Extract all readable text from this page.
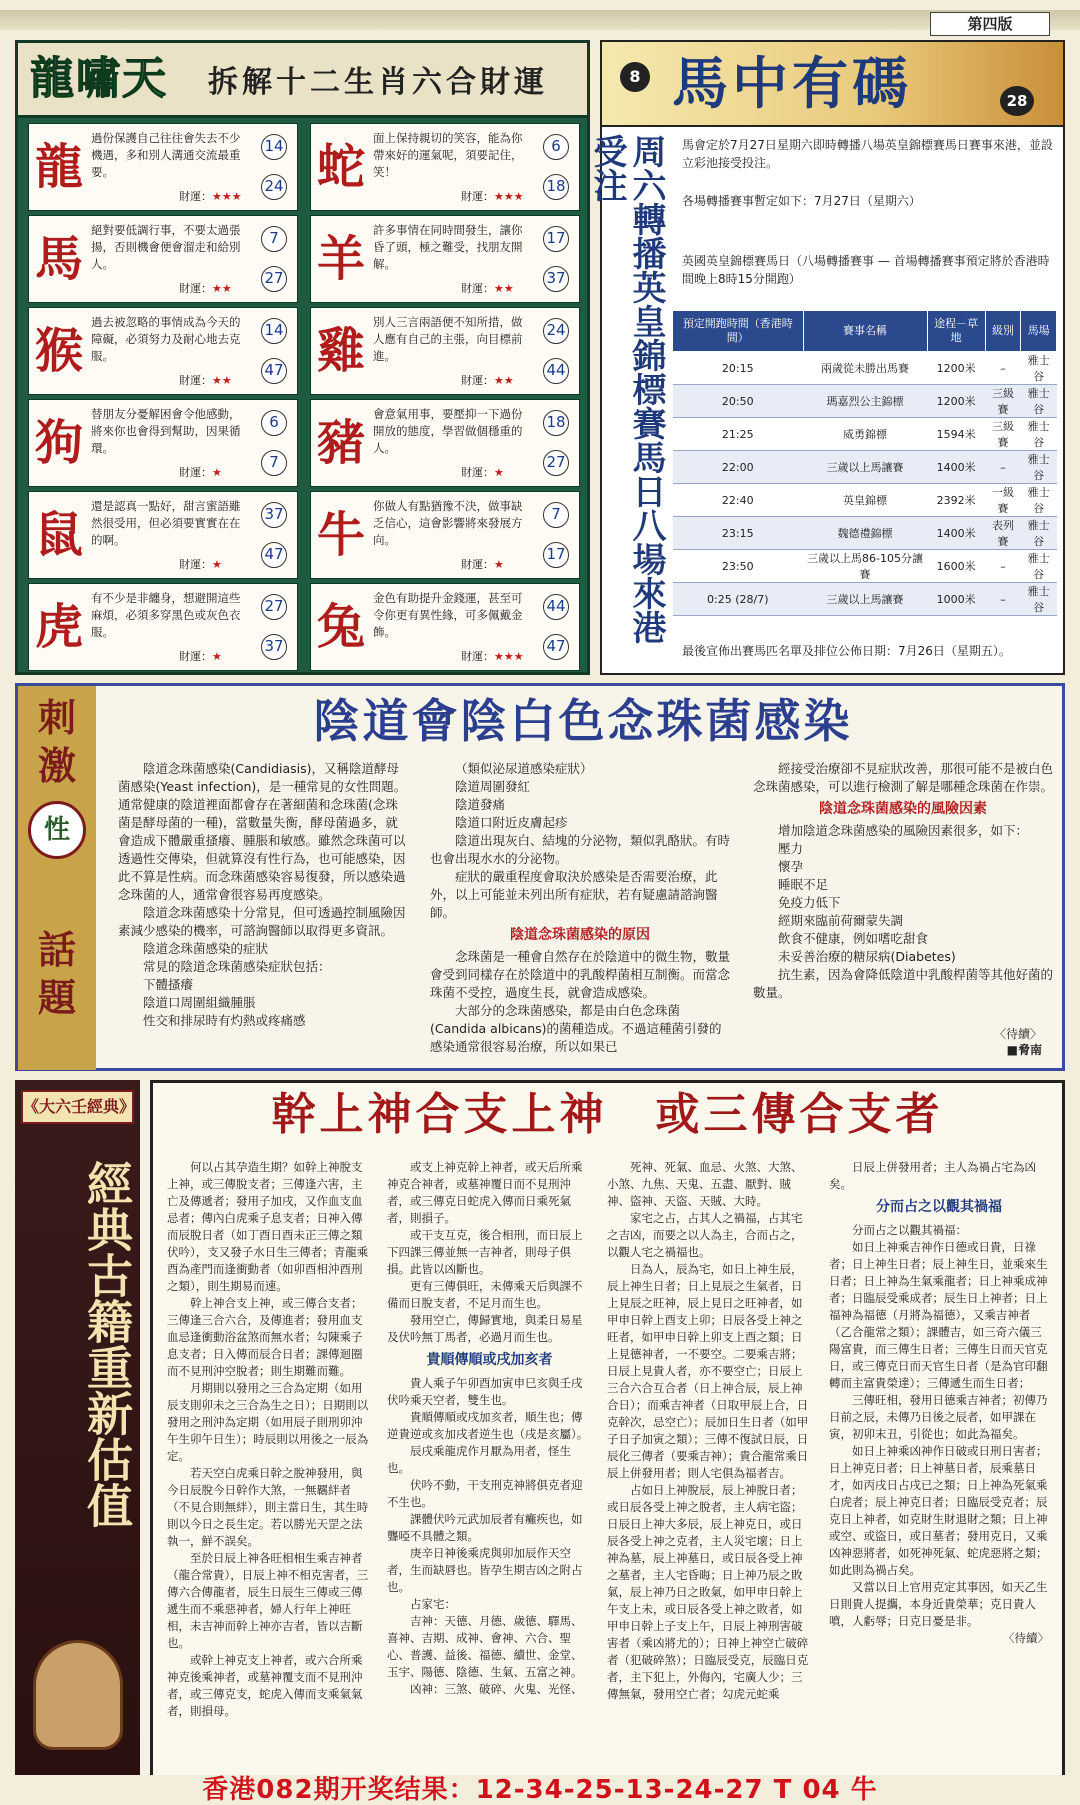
第四版
龍嘯天 拆解十二生肖六合財運
龍
過份保護自己往往會失去不少機遇，多和別人溝通交流最重要。
財運：★★★
14
24 蛇
面上保持親切的笑容，能為你帶來好的運氣呢，須要記住，笑！
財運：★★★
6
18
馬
絕對要低調行事，不要太過張揚，否則機會便會溜走和給別人。
財運：★★
7
27 羊
許多事情在同時間發生，讓你昏了頭，極之難受，找朋友開解。
財運：★★
17
37
猴
過去被忽略的事情成為今天的障礙，必須努力及耐心地去克服。
財運：★★
14
47 雞
別人三言兩語便不知所措，做人應有自己的主張，向目標前進。
財運：★★
24
44
狗
替朋友分憂解困會令他感動，將來你也會得到幫助，因果循環。
財運：★
6
7 豬
會意氣用事，要壓抑一下過份開放的態度，學習做個穩重的人。
財運：★
18
27
鼠
還是認真一點好，甜言蜜語雖然很受用，但必須要實實在在的啊。
財運：★
37
47 牛
你做人有點猶豫不決，做事缺乏信心，這會影響將來發展方向。
財運：★
7
17
虎
有不少是非纏身，想避開這些麻煩，必須多穿黑色或灰色衣服。
財運：★
27
37 兔
金色有助提升金錢運，甚至可令你更有異性緣，可多佩戴金飾。
財運：★★★
44
47
8 馬中有碼	28
周六轉播英皇錦標賽馬日八場來港受注	馬會定於7月27日星期六即時轉播八場英皇錦標賽馬日賽事來港，並設立彩池接受投注。
各場轉播賽事暫定如下：7月27日（星期六）
英國英皇錦標賽馬日（八場轉播賽事 — 首場轉播賽事預定將於香港時間晚上8時15分開跑）
預定開跑時間（香港時間）	賽事名稱	途程－草地	級別	馬場
20:15	兩歲從未勝出馬賽	1200米	–	雅士谷
20:50	瑪嘉烈公主錦標	1200米	三級賽	雅士谷
21:25	威勇錦標	1594米	三級賽	雅士谷
22:00	三歲以上馬讓賽	1400米	–	雅士谷
22:40	英皇錦標	2392米	一級賽	雅士谷
23:15	魏德禮錦標	1400米	表列賽	雅士谷
23:50	三歲以上馬86-105分讓賽	1600米	–	雅士谷
0:25 (28/7)	三歲以上馬讓賽	1000米	–	雅士谷
最後宣佈出賽馬匹名單及排位公佈日期：7月26日（星期五）。
刺激
性
話題
陰道會陰白色念珠菌感染

陰道念珠菌感染(Candidiasis)，又稱陰道酵母菌感染(Yeast infection)，是一種常見的女性問題。通常健康的陰道裡面都會存在著細菌和念珠菌(念珠菌是酵母菌的一種)，當數量失衡，酵母菌過多，就會造成下體嚴重搔癢、腫脹和敏感。雖然念珠菌可以透過性交傳染，但就算沒有性行為，也可能感染，因此不算是性病。而念珠菌感染容易復發，所以感染過念珠菌的人，通常會很容易再度感染。

陰道念珠菌感染十分常見，但可透過控制風險因素減少感染的機率，可諮詢醫師以取得更多資訊。

陰道念珠菌感染的症狀

常見的陰道念珠菌感染症狀包括：

下體搔癢

陰道口周圍組織腫脹

性交和排尿時有灼熱或疼痛感

（類似泌尿道感染症狀）

陰道周圍發紅

陰道發痛

陰道口附近皮膚起疹

陰道出現灰白、結塊的分泌物，類似乳酪狀。有時也會出現水水的分泌物。

症狀的嚴重程度會取決於感染是否需要治療，此外，以上可能並未列出所有症狀，若有疑慮請諮詢醫師。

陰道念珠菌感染的原因

念珠菌是一種會自然存在於陰道中的微生物，數量會受到同樣存在於陰道中的乳酸桿菌相互制衡。而當念珠菌不受控，過度生長，就會造成感染。

大部分的念珠菌感染，都是由白色念珠菌(Candida albicans)的菌種造成。不過這種菌引發的感染通常很容易治療，所以如果已

經接受治療卻不見症狀改善，那很可能不是被白色念珠菌感染，可以進行檢測了解是哪種念珠菌在作崇。

陰道念珠菌感染的風險因素

增加陰道念珠菌感染的風險因素很多，如下：

壓力

懷孕

睡眠不足

免疫力低下

經期來臨前荷爾蒙失調

飲食不健康，例如嗜吃甜食

未妥善治療的糖尿病(Diabetes)

抗生素，因為會降低陰道中乳酸桿菌等其他好菌的數量。

〈待續〉
■脅南
《大六壬經典》
經典古籍重新估值
幹上神合支上神　或三傳合支者

何以占其孕造生期？如幹上神脫支上神，或三傳脫支者；三傳逢六害，主亡及傳遞者；發用子加戌，又作血支血忌者；傳內白虎乘子息支者；日神入傳而辰脫日者（如丁酉日酉未正三傳之類伏吟），支又發子水日生三傳者；青龍乘酉為產門而逢衝動者（如卯酉相沖酉刑之類），則生期易而速。

幹上神合支上神，或三傳合支者；三傳逢三合六合，及傳進者；發用血支血忌逢衝動浴盆煞而無水者；勾陳乘子息支者；日入傳而辰合日者；課傳迴圈而不見刑沖空脫者；則生期難而難。

月期則以發用之三合為定期（如用辰支則卯未之三合為生之日）；日期則以發用之刑沖為定期（如用辰子則刑卯沖午生卯午日生）；時辰則以用後之一辰為定。

若天空白虎乘日幹之脫神發用，與今日辰脫今日幹作大煞，一無羈絆者（不見合則無絆），則主當日生，其生時則以今日之長生定。若以勝光天罡之法執一，鮮不誤矣。

至於日辰上神各旺相相生乘吉神者（龍合常貴），日辰上神不相克害者，三傳六合傳龍者，辰生日辰生三傳或三傳遞生而不乘惡神者，婦人行年上神旺相，未吉神而幹上神亦吉者，皆以吉斷也。

或幹上神克支上神者，或六合所乘神克後乘神者，或墓神覆支而不見刑沖者，或三傳克支，蛇虎入傳而支乘氣氣者，則損母。

或支上神克幹上神者，或天后所乘神克合神者，或墓神覆日而不見刑沖者，或三傳克日蛇虎入傳而日乘死氣者，則損子。

或干支互克，後合相刑，而日辰上下四課三傳並無一吉神者，則母子俱損。此皆以凶斷也。

更有三傳俱旺，未傳乘天后與課不備而日脫支者，不足月而生也。

發用空亡，傳歸實地，與柔日易星及伏吟無丁馬者，必過月而生也。

貴順傳順或戌加亥者

貴人乘子午卯酉加寅申巳亥與壬戌伏吟乘天空者，雙生也。

貴順傳順或戌加亥者，順生也；傳逆貴逆或亥加戌者逆生也（戌是亥屬）。

辰戌乘龍虎作月厭為用者，怪生也。

伏吟不動，干支刑克神將俱克者迎不生也。

課體伏吟元武加辰者有癱疾也，如聾啞不具體之類。

庚辛日神後乘虎與卯加辰作天空者，生而缺唇也。皆孕生期吉凶之附占也。

占家宅：

吉神：天德、月德、歲德、驛馬、喜神、吉期、成神、會神、六合、聖心、普護、益後、福德、續世、金堂、玉宇、陽德、陰德、生氣、五富之神。

凶神：三煞、破碎、火鬼、光怪、

死神、死氣、血忌、火煞、大煞、小煞、九焦、天鬼、五盡、厭對、賊神、盜神、天盜、天賊、大時。

家宅之占，占其人之禍福，占其宅之吉凶，而要之以人為主，合而占之，以觀人宅之禍福也。

日為人，辰為宅，如日上神生辰，辰上神生日者；日上見辰之生氣者，日上見辰之旺神，辰上見日之旺神者，如甲申日幹上酉支上卯；日辰各受上神之旺者，如甲申日幹上卯支上酉之類；日上見德神者，一不要空。二要乘吉將；日辰上見貴人者，亦不要空亡；日辰上三合六合互合者（日上神合辰，辰上神合日）；而乘吉神者（日取甲辰上合，日克幹次，忌空亡）；辰加日生日者（如甲子日子加寅之類）；三傳不復試日辰，日辰化三傳者（要乘吉神）；貴合龍常乘日辰上併發用者；則人宅俱為福者吉。

占如日上神脫辰，辰上神脫日者；或日辰各受上神之脫者，主人病宅盜；日辰日上神大多辰，辰上神克日，或日辰各受上神之克者，主人災宅壞；日上神為墓，辰上神墓日，或日辰各受上神之墓者，主人宅昏晦；日上神乃辰之敗氣，辰上神乃日之敗氣，如甲申日幹上午支上未，或日辰各受上神之敗者，如甲申日幹上子支上午，日辰上神刑害破害者（乘凶將尤的）；日神上神空亡破碎者（犯破碎煞）；日臨辰受克，辰臨日克者，主下犯上，外侮內，宅廣人少；三傳無氣，發用空亡者；勾虎元蛇乘

日辰上併發用者；主人為禍占宅為凶矣。

分而占之以觀其禍福

分而占之以觀其禍福：

如日上神乘吉神作日德或日貴，日祿者；日上神生日者；辰上神生日，並乘來生日者；日上神為生氣乘龍者；日上神乘成神者；日臨辰受乘成者；辰生日上神者；日上福神為福德（月將為福德），又乘吉神者（乙合龍常之類）；課體吉，如三奇六儀三陽富貴，而三傳生日者；三傳生日而天官克日，或三傳克日而天官生日者（是為官印翻轉而主富貴榮達）；三傳遞生而生日者；

三傳旺相，發用日德乘吉神者；初傳乃日前之辰，未傳乃日後之辰者，如甲課在寅，初卯末丑，引從也；如此為福矣。

如日上神乘凶神作日破或日刑日害者；日上神克日者；日上神墓日者，辰乘墓日才，如丙戌日占戌已之類；日上神為死氣乘白虎者；辰上神克日者；日臨辰受克者；辰克日上神者，如克財生財退財之類；日上神或空、或盜日，或日墓者；發用克日，又乘凶神惡將者，如死神死氣、蛇虎惡將之類；如此則為禍占矣。

又當以日上官用克定其事因，如天乙生日則貴人提攜，本身近貴榮華；克日貴人噴，人虧辱；日克日憂是非。

〈待續〉

香港082期开奖结果：12-34-25-13-24-27 T 04 牛
